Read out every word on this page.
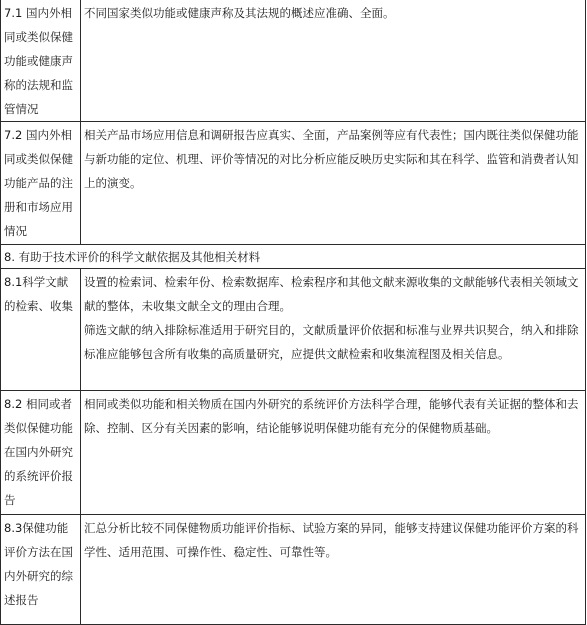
7.1 国内外相同或类似保健功能或健康声称的法规和监管情况	不同国家类似功能或健康声称及其法规的概述应准确、全面。

7.2 国内外相同或类似保健功能产品的注册和市场应用情况	相关产品市场应用信息和调研报告应真实、全面，产品案例等应有代表性；国内既往类似保健功能与新功能的定位、机理、评价等情况的对比分析应能反映历史实际和其在科学、监管和消费者认知上的演变。

8. 有助于技术评价的科学文献依据及其他相关材料	
8.1科学文献的检索、收集	设置的检索词、检索年份、检索数据库、检索程序和其他文献来源收集的文献能够代表相关领域文献的整体，未收集文献全文的理由合理。

筛选文献的纳入排除标准适用于研究目的，文献质量评价依据和标准与业界共识契合，纳入和排除标准应能够包含所有收集的高质量研究，应提供文献检索和收集流程图及相关信息。

8.2 相同或者类似保健功能在国内外研究的系统评价报告	相同或类似功能和相关物质在国内外研究的系统评价方法科学合理，能够代表有关证据的整体和去除、控制、区分有关因素的影响，结论能够说明保健功能有充分的保健物质基础。

8.3保健功能评价方法在国内外研究的综述报告	汇总分析比较不同保健物质功能评价指标、试验方案的异同，能够支持建议保健功能评价方案的科学性、适用范围、可操作性、稳定性、可靠性等。
